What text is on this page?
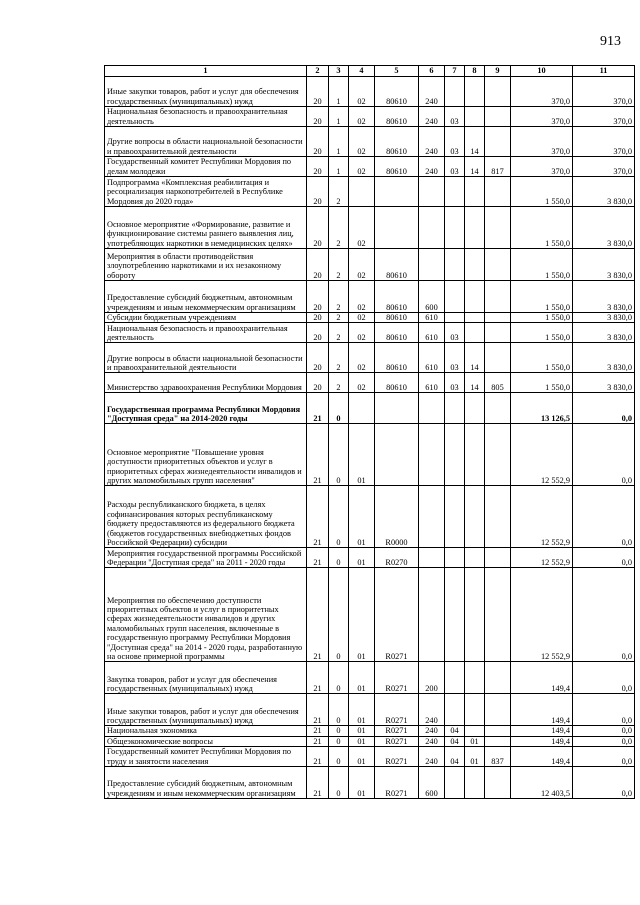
913
1	2	3	4	5	6	7	8	9	10	11
Иные закупки товаров, работ и услуг для обеспечения государственных (муниципальных) нужд	20	1	02	80610	240				370,0	370,0
Национальная безопасность и правоохранительная деятельность	20	1	02	80610	240	03			370,0	370,0
Другие вопросы в области национальной безопасности и правоохранительной деятельности	20	1	02	80610	240	03	14		370,0	370,0
Государственный комитет Республики Мордовия по делам молодежи	20	1	02	80610	240	03	14	817	370,0	370,0
Подпрограмма «Комплексная реабилитация и ресоциализация наркопотребителей в Республике Мордовия до 2020 года»	20	2							1 550,0	3 830,0
Основное мероприятие «Формирование, развитие и функционирование системы раннего выявления лиц, употребляющих наркотики в немедицинских целях»	20	2	02						1 550,0	3 830,0
Мероприятия в области противодействия злоупотреблению наркотиками и их незаконному обороту	20	2	02	80610					1 550,0	3 830,0
Предоставление субсидий бюджетным, автономным учреждениям и иным некоммерческим организациям	20	2	02	80610	600				1 550,0	3 830,0
Субсидии бюджетным учреждениям	20	2	02	80610	610				1 550,0	3 830,0
Национальная безопасность и правоохранительная деятельность	20	2	02	80610	610	03			1 550,0	3 830,0
Другие вопросы в области национальной безопасности и правоохранительной деятельности	20	2	02	80610	610	03	14		1 550,0	3 830,0
Министерство здравоохранения Республики Мордовия	20	2	02	80610	610	03	14	805	1 550,0	3 830,0
Государственная программа Республики Мордовия "Доступная среда" на 2014-2020 годы	21	0							13 126,5	0,0
Основное мероприятие "Повышение уровня доступности приоритетных объектов и услуг в приоритетных сферах жизнедеятельности инвалидов и других маломобильных групп населения"	21	0	01						12 552,9	0,0
Расходы республиканского бюджета, в целях софинансирования которых республиканскому бюджету предоставляются из федерального бюджета (бюджетов государственных внебюджетных фондов Российской Федерации) субсидии	21	0	01	R0000					12 552,9	0,0
Мероприятия государственной программы Российской Федерации "Доступная среда" на 2011 - 2020 годы	21	0	01	R0270					12 552,9	0,0
Мероприятия по обеспечению доступности приоритетных объектов и услуг в приоритетных сферах жизнедеятельности инвалидов и других маломобильных групп населения, включенные в государственную программу Республики Мордовия "Доступная среда" на 2014 - 2020 годы, разработанную на основе примерной программы	21	0	01	R0271					12 552,9	0,0
Закупка товаров, работ и услуг для обеспечения государственных (муниципальных) нужд	21	0	01	R0271	200				149,4	0,0
Иные закупки товаров, работ и услуг для обеспечения государственных (муниципальных) нужд	21	0	01	R0271	240				149,4	0,0
Национальная экономика	21	0	01	R0271	240	04			149,4	0,0
Общеэкономические вопросы	21	0	01	R0271	240	04	01		149,4	0,0
Государственный комитет Республики Мордовия по труду и занятости населения	21	0	01	R0271	240	04	01	837	149,4	0,0
Предоставление субсидий бюджетным, автономным учреждениям и иным некоммерческим организациям	21	0	01	R0271	600				12 403,5	0,0
